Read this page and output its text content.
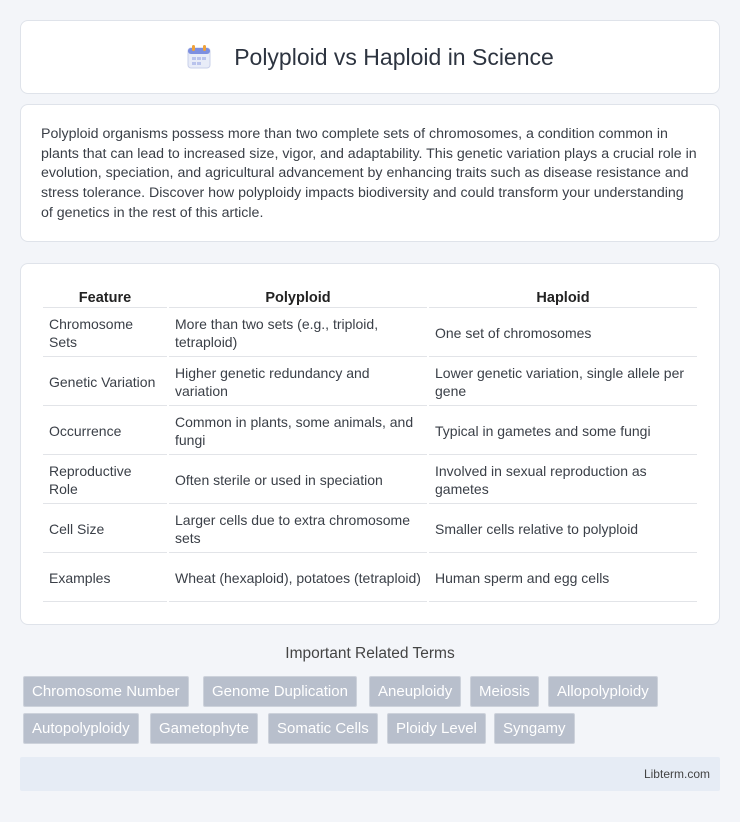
Polyploid vs Haploid in Science

Polyploid organisms possess more than two complete sets of chromosomes, a condition common in plants that can lead to increased size, vigor, and adaptability. This genetic variation plays a crucial role in evolution, speciation, and agricultural advancement by enhancing traits such as disease resistance and stress tolerance. Discover how polyploidy impacts biodiversity and could transform your understanding of genetics in the rest of this article.

Feature	Polyploid	Haploid
Chromosome Sets	More than two sets (e.g., triploid, tetraploid)	One set of chromosomes
Genetic Variation	Higher genetic redundancy and variation	Lower genetic variation, single allele per gene
Occurrence	Common in plants, some animals, and fungi	Typical in gametes and some fungi
Reproductive Role	Often sterile or used in speciation	Involved in sexual reproduction as gametes
Cell Size	Larger cells due to extra chromosome sets	Smaller cells relative to polyploid
Examples	Wheat (hexaploid), potatoes (tetraploid)	Human sperm and egg cells
Important Related Terms
Chromosome Number	Genome Duplication	Aneuploidy	Meiosis	Allopolyploidy
Autopolyploidy	Gametophyte	Somatic Cells	Ploidy Level	Syngamy
Libterm.com
